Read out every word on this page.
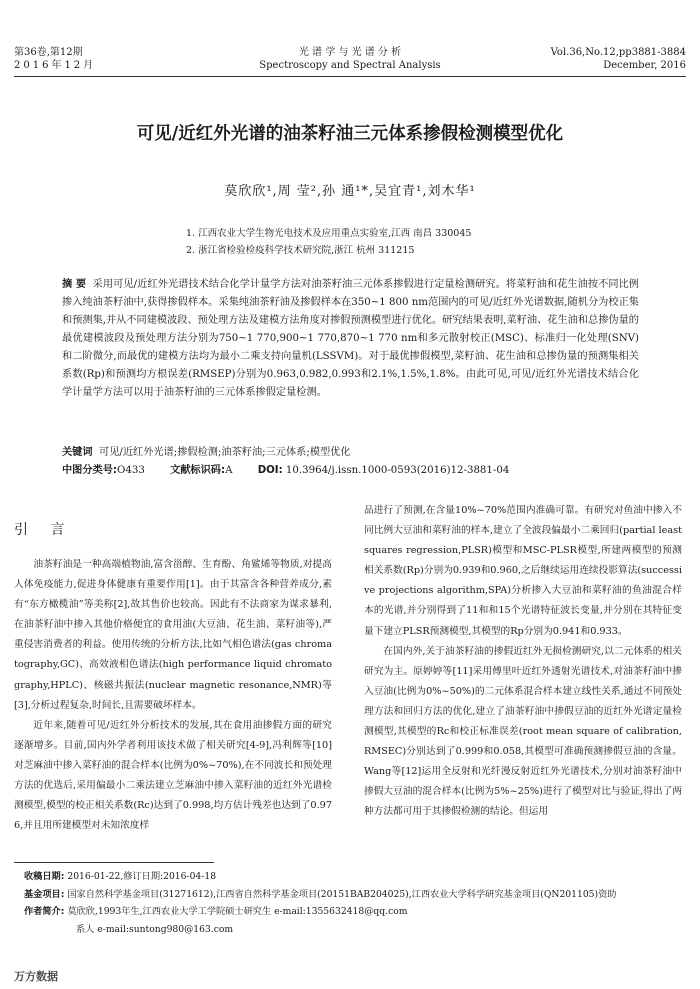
第36卷,第12期
2016年12月
光 谱 学 与 光 谱 分 析
Spectroscopy and Spectral Analysis
Vol.36,No.12,pp3881-3884
December, 2016
可见/近红外光谱的油茶籽油三元体系掺假检测模型优化
莫欣欣¹,周 莹²,孙 通¹*,吴宜青¹,刘木华¹
1. 江西农业大学生物光电技术及应用重点实验室,江西 南昌 330045
2. 浙江省检验检疫科学技术研究院,浙江 杭州 311215
摘 要 采用可见/近红外光谱技术结合化学计量学方法对油茶籽油三元体系掺假进行定量检测研究。将菜籽油和花生油按不同比例掺入纯油茶籽油中,获得掺假样本。采集纯油茶籽油及掺假样本在350~1 800 nm范围内的可见/近红外光谱数据,随机分为校正集和预测集,并从不同建模波段、预处理方法及建模方法角度对掺假预测模型进行优化。研究结果表明,菜籽油、花生油和总掺伪量的最优建模波段及预处理方法分别为750~1 770,900~1 770,870~1 770 nm和多元散射校正(MSC)、标准归一化处理(SNV)和二阶微分,而最优的建模方法均为最小二乘支持向量机(LSSVM)。对于最优掺假模型,菜籽油、花生油和总掺伪量的预测集相关系数(Rp)和预测均方根误差(RMSEP)分别为0.963,0.982,0.993和2.1%,1.5%,1.8%。由此可见,可见/近红外光谱技术结合化学计量学方法可以用于油茶籽油的三元体系掺假定量检测。
关键词 可见/近红外光谱;掺假检测;油茶籽油;三元体系;模型优化
中图分类号:O433 文献标识码:A DOI: 10.3964/j.issn.1000-0593(2016)12-3881-04
引 言

油茶籽油是一种高端植物油,富含甾醇、生育酚、角鲨烯等物质,对提高人体免疫能力,促进身体健康有重要作用[1]。由于其富含各种营养成分,素有“东方橄榄油”等美称[2],故其售价也较高。因此有不法商家为谋求暴利,在油茶籽油中掺入其他价格便宜的食用油(大豆油、花生油、菜籽油等),严重侵害消费者的利益。使用传统的分析方法,比如气相色谱法(gas chromatography,GC)、高效液相色谱法(high performance liquid chromatography,HPLC)、核磁共振法(nuclear magnetic resonance,NMR)等[3],分析过程复杂,时间长,且需要破坏样本。

近年来,随着可见/近红外分析技术的发展,其在食用油掺假方面的研究逐渐增多。目前,国内外学者利用该技术做了相关研究[4-9],冯利辉等[10]对芝麻油中掺入菜籽油的混合样本(比例为0%~70%),在不同波长和预处理方法的优选后,采用偏最小二乘法建立芝麻油中掺入菜籽油的近红外光谱检测模型,模型的校正相关系数(Rc)达到了0.998,均方估计残差也达到了0.976,并且用所建模型对未知浓度样

品进行了预测,在含量10%~70%范围内准确可靠。有研究对鱼油中掺入不同比例大豆油和菜籽油的样本,建立了全波段偏最小二乘回归(partial least squares regression,PLSR)模型和MSC-PLSR模型,所建两模型的预测相关系数(Rp)分别为0.939和0.960,之后继续运用连续投影算法(successive projections algorithm,SPA)分析掺入大豆油和菜籽油的鱼油混合样本的光谱,并分别得到了11和和15个光谱特征波长变量,并分别在其特征变量下建立PLSR预测模型,其模型的Rp分别为0.941和0.933。

在国内外,关于油茶籽油的掺假近红外无损检测研究,以二元体系的相关研究为主。原婷婷等[11]采用傅里叶近红外透射光谱技术,对油茶籽油中掺入豆油(比例为0%~50%)的二元体系混合样本建立线性关系,通过不同预处理方法和回归方法的优化,建立了油茶籽油中掺假豆油的近红外光谱定量检测模型,其模型的Rc和校正标准误差(root mean square of calibration,RMSEC)分别达到了0.999和0.058,其模型可准确预测掺假豆油的含量。Wang等[12]运用全反射和光纤漫反射近红外光谱技术,分别对油茶籽油中掺假大豆油的混合样本(比例为5%~25%)进行了模型对比与验证,得出了两种方法都可用于其掺假检测的结论。但运用

收稿日期: 2016-01-22,修订日期:2016-04-18
基金项目: 国家自然科学基金项目(31271612),江西省自然科学基金项目(20151BAB204025),江西农业大学科学研究基金项目(QN201105)资助
作者简介: 莫欣欣,1993年生,江西农业大学工学院硕士研究生 e-mail:1355632418@qq.com
系人 e-mail:suntong980@163.com
万方数据
